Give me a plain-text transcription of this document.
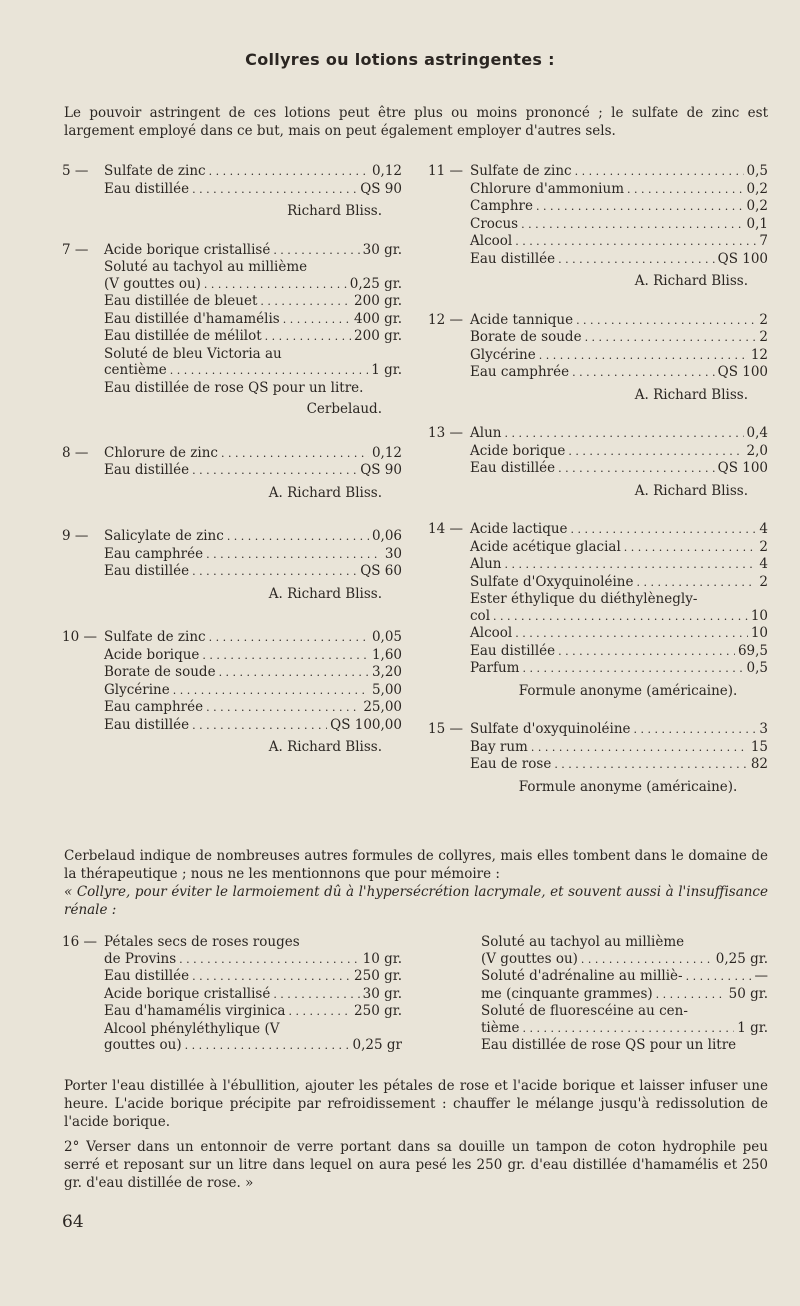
Collyres ou lotions astringentes :
Le pouvoir astringent de ces lotions peut être plus ou moins prononcé ; le sulfate de zinc est largement employé dans ce but, mais on peut également employer d'autres sels.
5 —	Sulfate de zinc . . .	0,12
Eau distillée . . .	QS 90
Richard Bliss.
7 —	Acide borique cristallisé . . .	30 gr.
Soluté au tachyol au millième
(V gouttes ou) . . .	0,25 gr.
Eau distillée de bleuet . . .	200 gr.
Eau distillée d'hamamélis . . .	400 gr.
Eau distillée de mélilot . . .	200 gr.
Soluté de bleu Victoria au
centième . . .	1 gr.
Eau distillée de rose QS pour un litre.
Cerbelaud.
8 —	Chlorure de zinc . . .	0,12
Eau distillée . . .	QS 90
A. Richard Bliss.
9 —	Salicylate de zinc . . .	0,06
Eau camphrée . . .	30
Eau distillée . . .	QS 60
A. Richard Bliss.
10 — Sulfate de zinc . . .	0,05
Acide borique . . .	1,60
Borate de soude . . .	3,20
Glycérine . . .	5,00
Eau camphrée . . .	25,00
Eau distillée . . .	QS 100,00
A. Richard Bliss.
11 — Sulfate de zinc . . .	0,5
Chlorure d'ammonium . . .	0,2
Camphre . . .	0,2
Crocus . . .	0,1
Alcool . . .	7
Eau distillée . . .	QS 100
A. Richard Bliss.
12 — Acide tannique . . .	2
Borate de soude . . .	2
Glycérine . . .	12
Eau camphrée . . .	QS 100
A. Richard Bliss.
13 — Alun . . .	0,4
Acide borique . . .	2,0
Eau distillée . . .	QS 100
A. Richard Bliss.
14 — Acide lactique . . .	4
Acide acétique glacial . . .	2
Alun . . .	4
Sulfate d'Oxyquinoléine . . .	2
Ester éthylique du diéthylènegly-
col . . .	10
Alcool . . .	10
Eau distillée . . .	69,5
Parfum . . .	0,5
Formule anonyme (américaine).
15 — Sulfate d'oxyquinoléine . . .	3
Bay rum . . .	15
Eau de rose . . .	82
Formule anonyme (américaine).
Cerbelaud indique de nombreuses autres formules de collyres, mais elles tombent dans le domaine de la thérapeutique ; nous ne les mentionnons que pour mémoire :
« Collyre, pour éviter le larmoiement dû à l'hypersécrétion lacrymale, et souvent aussi à l'insuffisance rénale :
16 — Pétales secs de roses rouges
de Provins . . .	10 gr.
Eau distillée . . .	250 gr.
Acide borique cristallisé . . .	30 gr.
Eau d'hamamélis virginica . . .	250 gr.
Alcool phényléthylique (V
gouttes ou) . . .	0,25 gr
Soluté au tachyol au millième
(V gouttes ou) . . .	0,25 gr.
Soluté d'adrénaline au milliè- . . .	—
me (cinquante grammes) . . .	50 gr.
Soluté de fluorescéine au cen-
tième . . .	1 gr.
Eau distillée de rose QS pour un litre
Porter l'eau distillée à l'ébullition, ajouter les pétales de rose et l'acide borique et laisser infuser une heure. L'acide borique précipite par refroidissement : chauffer le mélange jusqu'à redissolution de l'acide borique.
2° Verser dans un entonnoir de verre portant dans sa douille un tampon de coton hydrophile peu serré et reposant sur un litre dans lequel on aura pesé les 250 gr. d'eau distillée d'hamamélis et 250 gr. d'eau distillée de rose. »
64
